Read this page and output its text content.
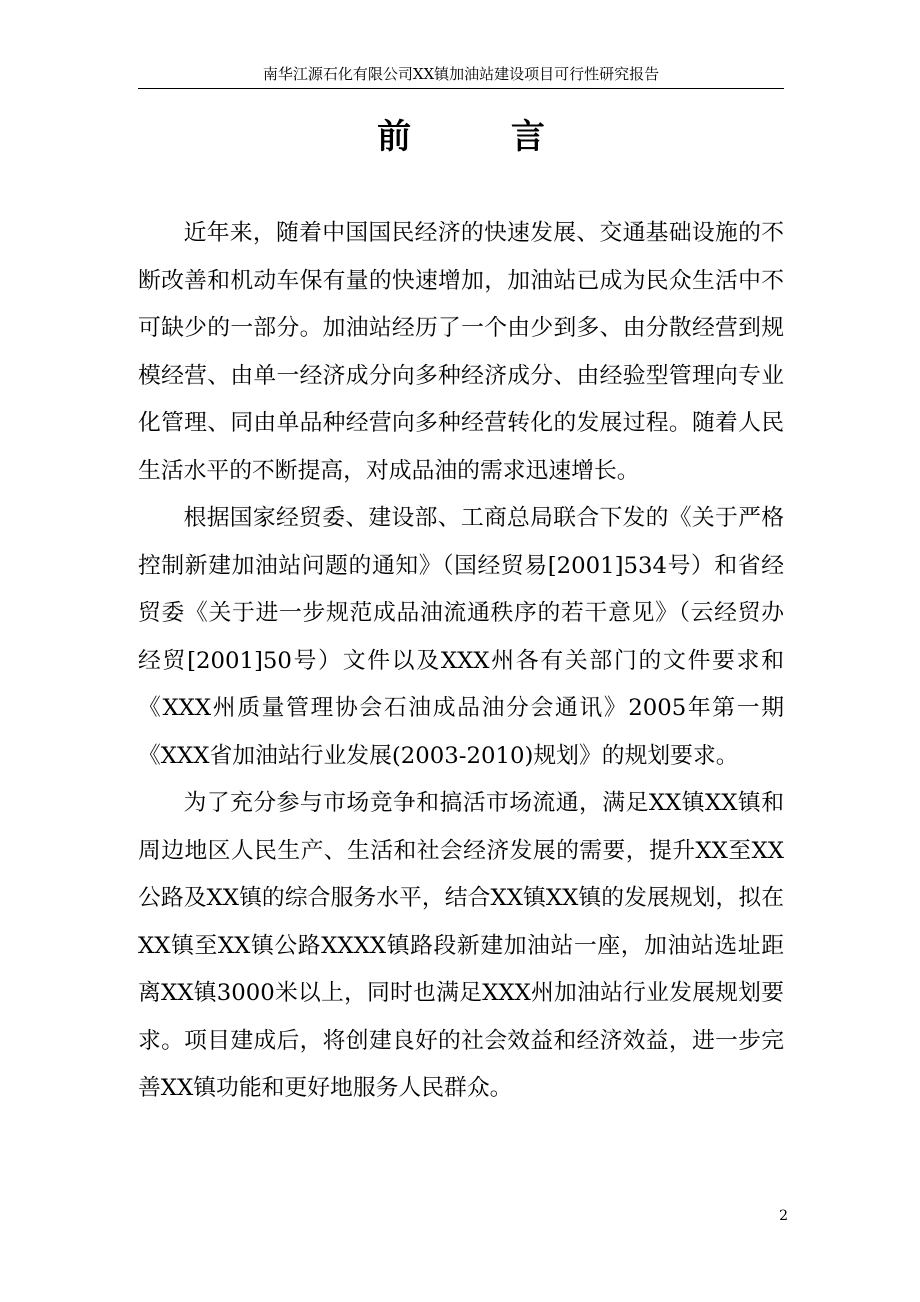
南华江源石化有限公司XX镇加油站建设项目可行性研究报告
前 言

近年来，随着中国国民经济的快速发展、交通基础设施的不断改善和机动车保有量的快速增加，加油站已成为民众生活中不可缺少的一部分。加油站经历了一个由少到多、由分散经营到规模经营、由单一经济成分向多种经济成分、由经验型管理向专业化管理、同由单品种经营向多种经营转化的发展过程。随着人民生活水平的不断提高，对成品油的需求迅速增长。

根据国家经贸委、建设部、工商总局联合下发的《关于严格控制新建加油站问题的通知》（国经贸易[2001]534号）和省经贸委《关于进一步规范成品油流通秩序的若干意见》（云经贸办经贸[2001]50号）文件以及XXX州各有关部门的文件要求和《XXX州质量管理协会石油成品油分会通讯》2005年第一期《XXX省加油站行业发展(2003-2010)规划》的规划要求。

为了充分参与市场竞争和搞活市场流通，满足XX镇XX镇和周边地区人民生产、生活和社会经济发展的需要，提升XX至XX公路及XX镇的综合服务水平，结合XX镇XX镇的发展规划，拟在XX镇至XX镇公路XXXX镇路段新建加油站一座，加油站选址距离XX镇3000米以上，同时也满足XXX州加油站行业发展规划要求。项目建成后，将创建良好的社会效益和经济效益，进一步完善XX镇功能和更好地服务人民群众。

2
